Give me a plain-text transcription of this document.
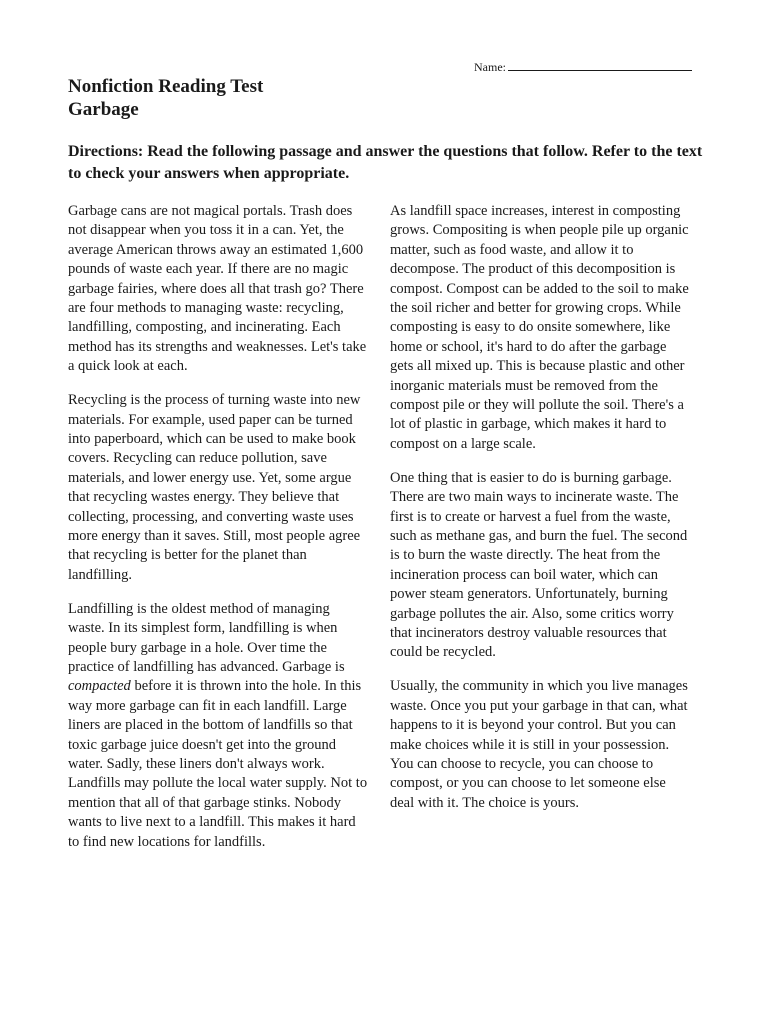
Name:
Nonfiction Reading Test
Garbage
Directions: Read the following passage and answer the questions that follow. Refer to the text to check your answers when appropriate.

Garbage cans are not magical portals. Trash does not disappear when you toss it in a can. Yet, the average American throws away an estimated 1,600 pounds of waste each year. If there are no magic garbage fairies, where does all that trash go? There are four methods to managing waste: recycling, landfilling, composting, and incinerating. Each method has its strengths and weaknesses. Let's take a quick look at each.

Recycling is the process of turning waste into new materials. For example, used paper can be turned into paperboard, which can be used to make book covers. Recycling can reduce pollution, save materials, and lower energy use. Yet, some argue that recycling wastes energy. They believe that collecting, processing, and converting waste uses more energy than it saves. Still, most people agree that recycling is better for the planet than landfilling.

Landfilling is the oldest method of managing waste. In its simplest form, landfilling is when people bury garbage in a hole. Over time the practice of landfilling has advanced. Garbage is compacted before it is thrown into the hole. In this way more garbage can fit in each landfill. Large liners are placed in the bottom of landfills so that toxic garbage juice doesn't get into the ground water. Sadly, these liners don't always work. Landfills may pollute the local water supply. Not to mention that all of that garbage stinks. Nobody wants to live next to a landfill. This makes it hard to find new locations for landfills.

As landfill space increases, interest in composting grows. Compositing is when people pile up organic matter, such as food waste, and allow it to decompose. The product of this decomposition is compost. Compost can be added to the soil to make the soil richer and better for growing crops. While composting is easy to do onsite somewhere, like home or school, it's hard to do after the garbage gets all mixed up. This is because plastic and other inorganic materials must be removed from the compost pile or they will pollute the soil. There's a lot of plastic in garbage, which makes it hard to compost on a large scale.

One thing that is easier to do is burning garbage. There are two main ways to incinerate waste. The first is to create or harvest a fuel from the waste, such as methane gas, and burn the fuel. The second is to burn the waste directly. The heat from the incineration process can boil water, which can power steam generators. Unfortunately, burning garbage pollutes the air. Also, some critics worry that incinerators destroy valuable resources that could be recycled.

Usually, the community in which you live manages waste. Once you put your garbage in that can, what happens to it is beyond your control. But you can make choices while it is still in your possession. You can choose to recycle, you can choose to compost, or you can choose to let someone else deal with it. The choice is yours.
